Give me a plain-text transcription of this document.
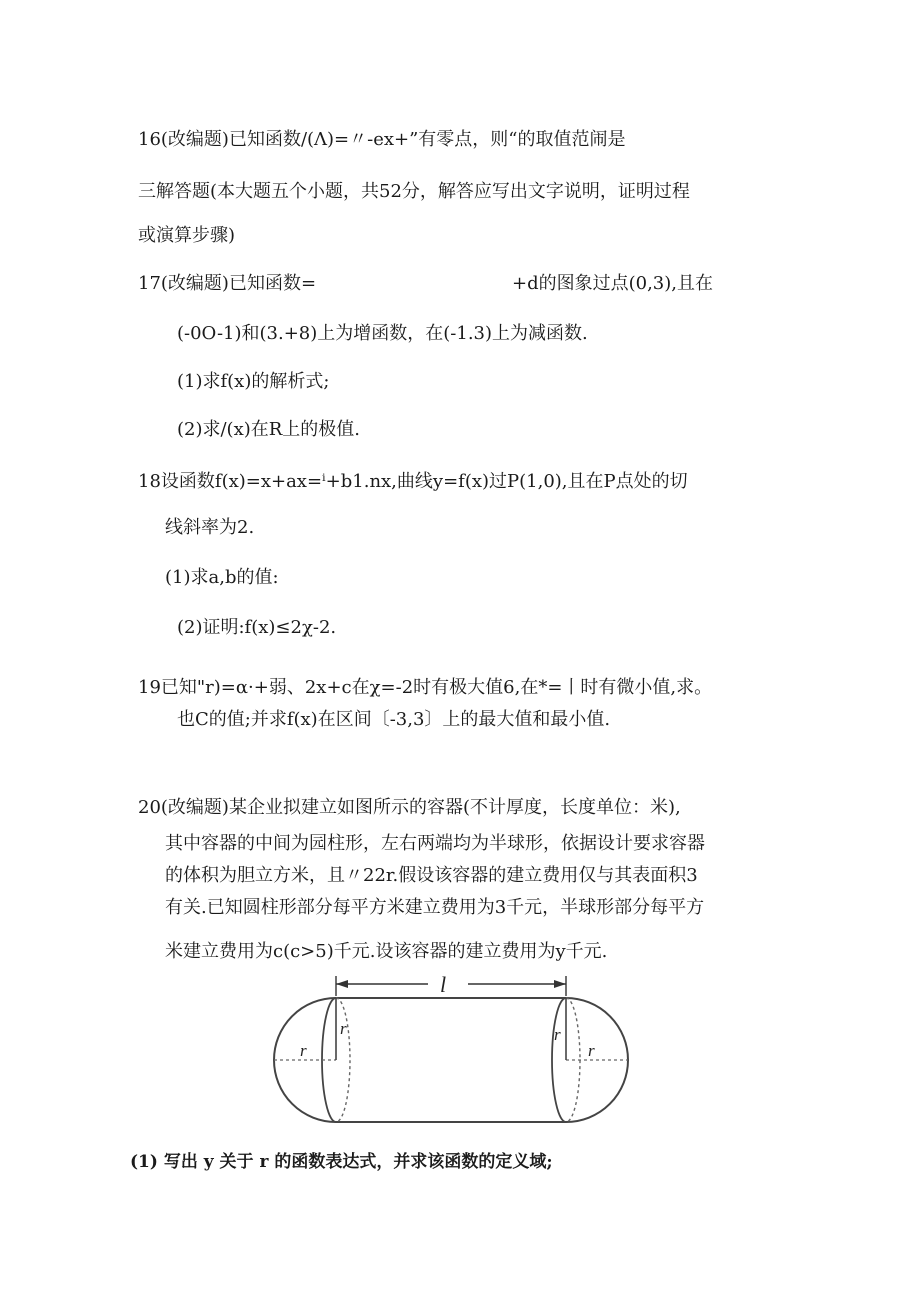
16(改编题)已知函数/(Λ)=〃-ex+”有零点，则“的取值范闹是
三解答题(本大题五个小题，共52分，解答应写出文字说明，证明过程
或演算步骤)
17(改编题)已知函数=	+d的图象过点(0,3),且在
(-0O-1)和(3.+8)上为增函数，在(-1.3)上为减函数.
(1)求f(x)的解析式;
(2)求/(x)在R上的极值.
18设函数f(x)=x+ax=ⁱ+b1.nx,曲线y=f(x)过P(1,0),且在P点处的切
线斜率为2.
(1)求a,b的值:
(2)证明:f(x)≤2χ-2.
19已知"r)=α·+弱、2x+c在χ=-2时有极大值6,在*=丨时有微小值,求。
也C的值;并求f(x)在区间〔-3,3〕上的最大值和最小值.
20(改编题)某企业拟建立如图所示的容器(不计厚度，长度单位：米),
其中容器的中间为园柱形，左右两端均为半球形，依据设计要求容器
的体积为胆立方米，且〃22r.假设该容器的建立费用仅与其表面积3
有关.已知圆柱形部分每平方米建立费用为3千元，半球形部分每平方
米建立费用为c(c>5)千元.设该容器的建立费用为y千元.
l
r
r	r
r
(1) 写出 y 关于 r 的函数表达式，并求该函数的定义域;
